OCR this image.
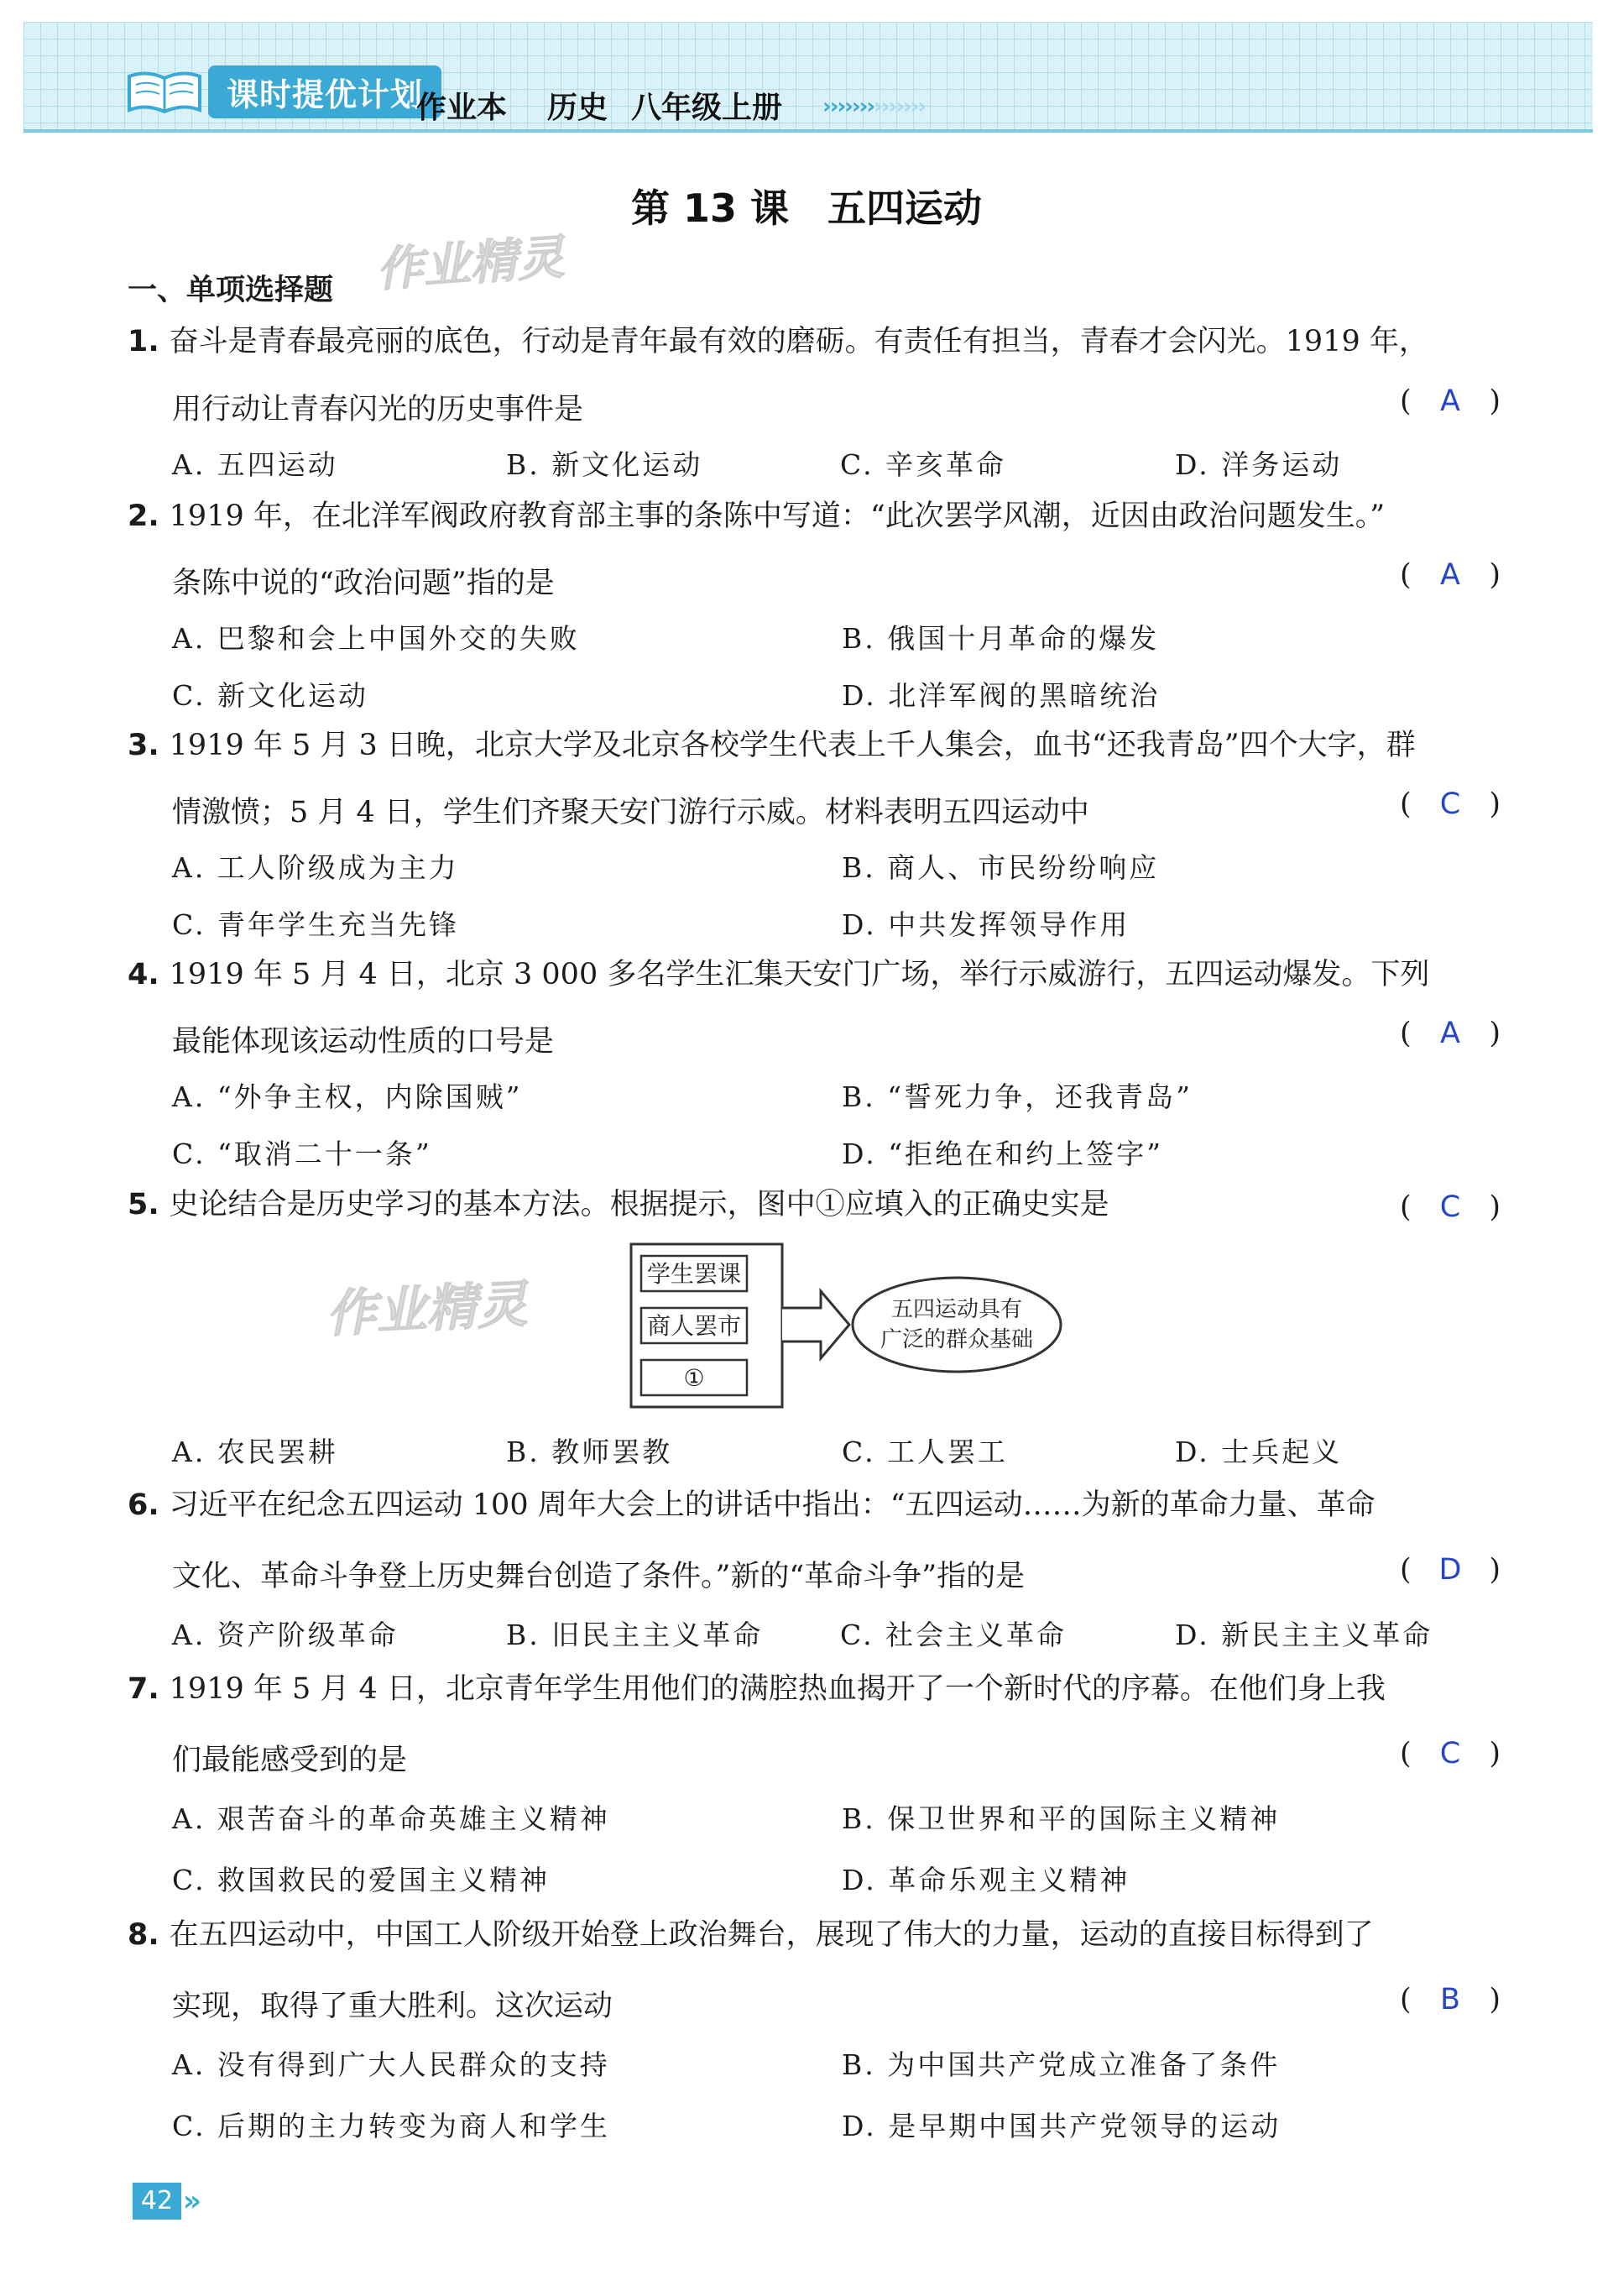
课时提优计划
作业本 历史 八年级上册 ›
›
›
›
›
›
›
›
›
›
›
›
›
›
第 13 课　五四运动
作业精灵
一、单项选择题
1. 奋斗是青春最亮丽的底色，行动是青年最有效的磨砺。有责任有担当，青春才会闪光。1919 年，
用行动让青春闪光的历史事件是	( A )
A. 五四运动	B. 新文化运动	C. 辛亥革命	D. 洋务运动
2. 1919 年，在北洋军阀政府教育部主事的条陈中写道：“此次罢学风潮，近因由政治问题发生。”
条陈中说的“政治问题”指的是	( A )
A. 巴黎和会上中国外交的失败	B. 俄国十月革命的爆发
C. 新文化运动	D. 北洋军阀的黑暗统治
3. 1919 年 5 月 3 日晚，北京大学及北京各校学生代表上千人集会，血书“还我青岛”四个大字，群
情激愤；5 月 4 日，学生们齐聚天安门游行示威。材料表明五四运动中	( C )
A. 工人阶级成为主力	B. 商人、市民纷纷响应
C. 青年学生充当先锋	D. 中共发挥领导作用
4. 1919 年 5 月 4 日，北京 3 000 多名学生汇集天安门广场，举行示威游行，五四运动爆发。下列
最能体现该运动性质的口号是	( A )
A. “外争主权，内除国贼”	B. “誓死力争，还我青岛”
C. “取消二十一条”	D. “拒绝在和约上签字”
5. 史论结合是历史学习的基本方法。根据提示，图中①应填入的正确史实是	( C )
作业精灵
学生罢课
商人罢市
①
五四运动具有
广泛的群众基础
A. 农民罢耕	B. 教师罢教	C. 工人罢工	D. 士兵起义
6. 习近平在纪念五四运动 100 周年大会上的讲话中指出：“五四运动……为新的革命力量、革命
文化、革命斗争登上历史舞台创造了条件。”新的“革命斗争”指的是	( D )
A. 资产阶级革命	B. 旧民主主义革命	C. 社会主义革命	D. 新民主主义革命
7. 1919 年 5 月 4 日，北京青年学生用他们的满腔热血揭开了一个新时代的序幕。在他们身上我
们最能感受到的是	( C )
A. 艰苦奋斗的革命英雄主义精神	B. 保卫世界和平的国际主义精神
C. 救国救民的爱国主义精神	D. 革命乐观主义精神
8. 在五四运动中，中国工人阶级开始登上政治舞台，展现了伟大的力量，运动的直接目标得到了
实现，取得了重大胜利。这次运动	( B )
A. 没有得到广大人民群众的支持	B. 为中国共产党成立准备了条件
C. 后期的主力转变为商人和学生	D. 是早期中国共产党领导的运动
42 »
